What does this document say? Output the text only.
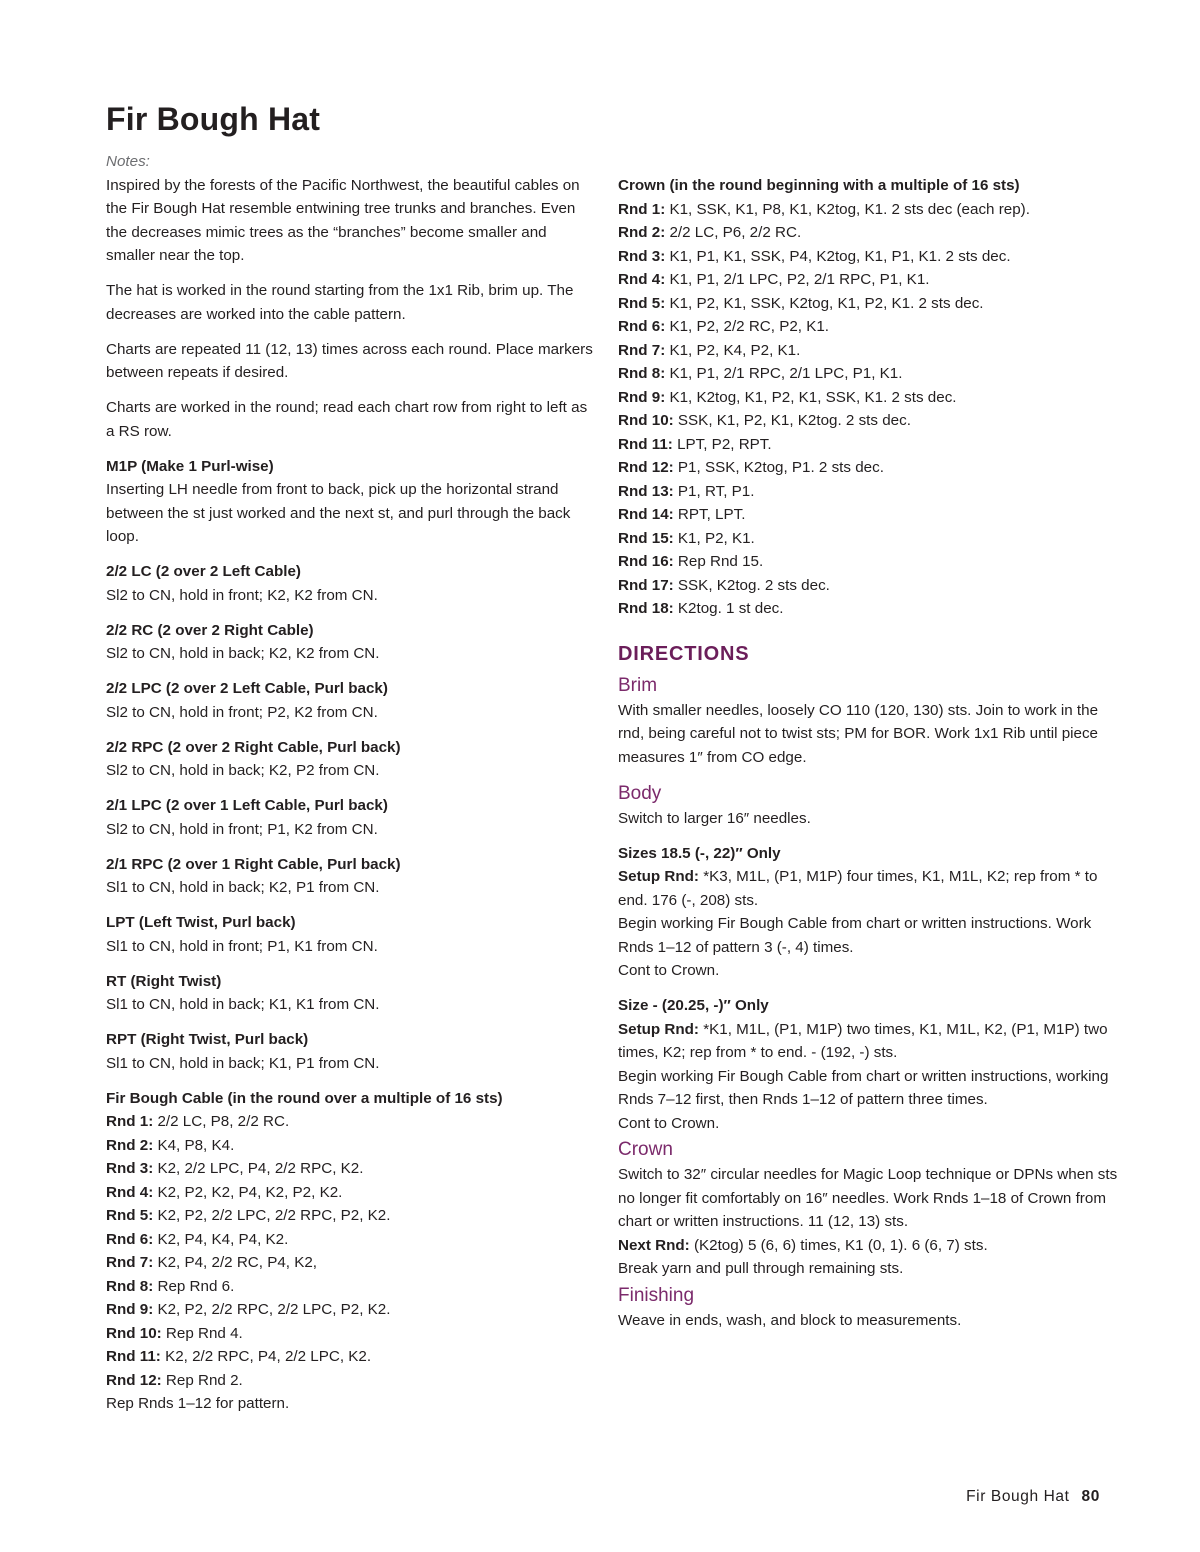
Fir Bough Hat

Notes:

Inspired by the forests of the Pacific Northwest, the beautiful cables on the Fir Bough Hat resemble entwining tree trunks and branches. Even the decreases mimic trees as the “branches” become smaller and smaller near the top.

The hat is worked in the round starting from the 1x1 Rib, brim up. The decreases are worked into the cable pattern.

Charts are repeated 11 (12, 13) times across each round. Place markers between repeats if desired.

Charts are worked in the round; read each chart row from right to left as a RS row.

M1P (Make 1 Purl-wise)

Inserting LH needle from front to back, pick up the horizontal strand between the st just worked and the next st, and purl through the back loop.

2/2 LC (2 over 2 Left Cable)

Sl2 to CN, hold in front; K2, K2 from CN.

2/2 RC (2 over 2 Right Cable)

Sl2 to CN, hold in back; K2, K2 from CN.

2/2 LPC (2 over 2 Left Cable, Purl back)

Sl2 to CN, hold in front; P2, K2 from CN.

2/2 RPC (2 over 2 Right Cable, Purl back)

Sl2 to CN, hold in back; K2, P2 from CN.

2/1 LPC (2 over 1 Left Cable, Purl back)

Sl2 to CN, hold in front; P1, K2 from CN.

2/1 RPC (2 over 1 Right Cable, Purl back)

Sl1 to CN, hold in back; K2, P1 from CN.

LPT (Left Twist, Purl back)

Sl1 to CN, hold in front; P1, K1 from CN.

RT (Right Twist)

Sl1 to CN, hold in back; K1, K1 from CN.

RPT (Right Twist, Purl back)

Sl1 to CN, hold in back; K1, P1 from CN.

Fir Bough Cable (in the round over a multiple of 16 sts)

Rnd 1: 2/2 LC, P8, 2/2 RC.

Rnd 2: K4, P8, K4.

Rnd 3: K2, 2/2 LPC, P4, 2/2 RPC, K2.

Rnd 4: K2, P2, K2, P4, K2, P2, K2.

Rnd 5: K2, P2, 2/2 LPC, 2/2 RPC, P2, K2.

Rnd 6: K2, P4, K4, P4, K2.

Rnd 7: K2, P4, 2/2 RC, P4, K2,

Rnd 8: Rep Rnd 6.

Rnd 9: K2, P2, 2/2 RPC, 2/2 LPC, P2, K2.

Rnd 10: Rep Rnd 4.

Rnd 11: K2, 2/2 RPC, P4, 2/2 LPC, K2.

Rnd 12: Rep Rnd 2.

Rep Rnds 1–12 for pattern.

Crown (in the round beginning with a multiple of 16 sts)

Rnd 1: K1, SSK, K1, P8, K1, K2tog, K1. 2 sts dec (each rep).

Rnd 2: 2/2 LC, P6, 2/2 RC.

Rnd 3: K1, P1, K1, SSK, P4, K2tog, K1, P1, K1. 2 sts dec.

Rnd 4: K1, P1, 2/1 LPC, P2, 2/1 RPC, P1, K1.

Rnd 5: K1, P2, K1, SSK, K2tog, K1, P2, K1. 2 sts dec.

Rnd 6: K1, P2, 2/2 RC, P2, K1.

Rnd 7: K1, P2, K4, P2, K1.

Rnd 8: K1, P1, 2/1 RPC, 2/1 LPC, P1, K1.

Rnd 9: K1, K2tog, K1, P2, K1, SSK, K1. 2 sts dec.

Rnd 10: SSK, K1, P2, K1, K2tog. 2 sts dec.

Rnd 11: LPT, P2, RPT.

Rnd 12: P1, SSK, K2tog, P1. 2 sts dec.

Rnd 13: P1, RT, P1.

Rnd 14: RPT, LPT.

Rnd 15: K1, P2, K1.

Rnd 16: Rep Rnd 15.

Rnd 17: SSK, K2tog. 2 sts dec.

Rnd 18: K2tog. 1 st dec.

DIRECTIONS
Brim

With smaller needles, loosely CO 110 (120, 130) sts. Join to work in the rnd, being careful not to twist sts; PM for BOR. Work 1x1 Rib until piece measures 1″ from CO edge.

Body

Switch to larger 16″ needles.

Sizes 18.5 (-, 22)″ Only

Setup Rnd: *K3, M1L, (P1, M1P) four times, K1, M1L, K2; rep from * to end. 176 (-, 208) sts.

Begin working Fir Bough Cable from chart or written instructions. Work Rnds 1–12 of pattern 3 (-, 4) times.

Cont to Crown.

Size - (20.25, -)″ Only

Setup Rnd: *K1, M1L, (P1, M1P) two times, K1, M1L, K2, (P1, M1P) two times, K2; rep from * to end. - (192, -) sts.

Begin working Fir Bough Cable from chart or written instructions, working Rnds 7–12 first, then Rnds 1–12 of pattern three times.

Cont to Crown.

Crown

Switch to 32″ circular needles for Magic Loop technique or DPNs when sts no longer fit comfortably on 16″ needles. Work Rnds 1–18 of Crown from chart or written instructions. 11 (12, 13) sts.

Next Rnd: (K2tog) 5 (6, 6) times, K1 (0, 1). 6 (6, 7) sts.

Break yarn and pull through remaining sts.

Finishing

Weave in ends, wash, and block to measurements.

Fir Bough Hat 80
